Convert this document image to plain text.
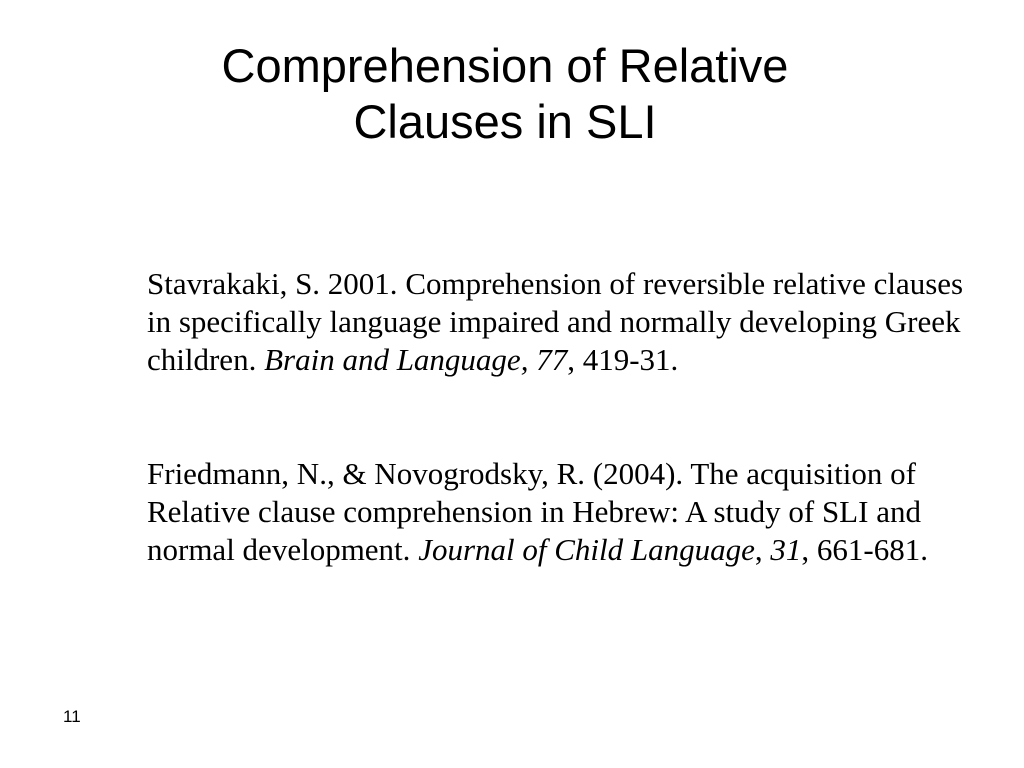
Comprehension of Relative
Clauses in SLI

Stavrakaki, S. 2001. Comprehension of reversible relative clauses in specifically language impaired and normally developing Greek children. Brain and Language, 77, 419-31.

Friedmann, N., & Novogrodsky, R. (2004). The acquisition of Relative clause comprehension in Hebrew: A study of SLI and normal development. Journal of Child Language, 31, 661-681.

11
